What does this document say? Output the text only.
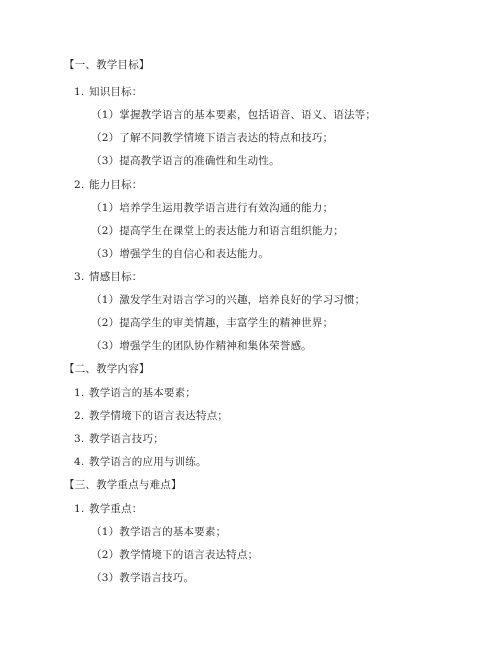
【一、教学目标】
1. 知识目标：
（1）掌握教学语言的基本要素，包括语音、语义、语法等；
（2）了解不同教学情境下语言表达的特点和技巧；
（3）提高教学语言的准确性和生动性。
2. 能力目标：
（1）培养学生运用教学语言进行有效沟通的能力；
（2）提高学生在课堂上的表达能力和语言组织能力；
（3）增强学生的自信心和表达能力。
3. 情感目标：
（1）激发学生对语言学习的兴趣，培养良好的学习习惯；
（2）提高学生的审美情趣，丰富学生的精神世界；
（3）增强学生的团队协作精神和集体荣誉感。
【二、教学内容】
1. 教学语言的基本要素；
2. 教学情境下的语言表达特点；
3. 教学语言技巧；
4. 教学语言的应用与训练。
【三、教学重点与难点】
1. 教学重点：
（1）教学语言的基本要素；
（2）教学情境下的语言表达特点；
（3）教学语言技巧。
